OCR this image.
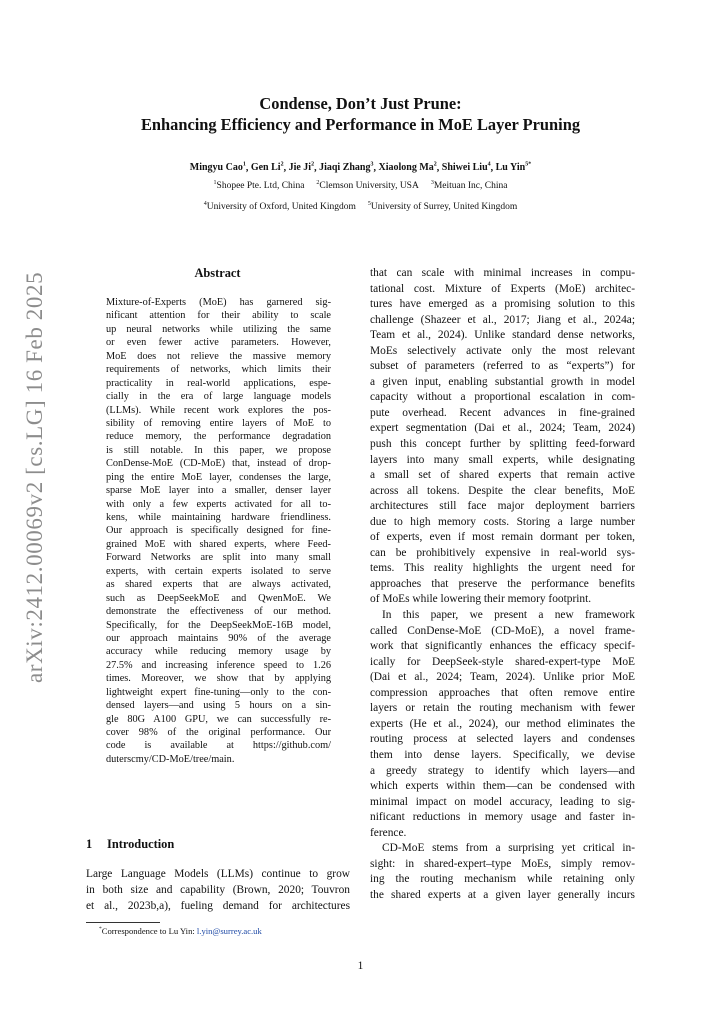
arXiv:2412.00069v2 [cs.LG] 16 Feb 2025
Condense, Don’t Just Prune:
Enhancing Efficiency and Performance in MoE Layer Pruning
Mingyu Cao$^1$, Gen Li$^2$, Jie Ji$^2$, Jiaqi Zhang$^3$, Xiaolong Ma$^2$, Shiwei Liu$^4$, Lu Yin$^{5*}$
$^1$Shopee Pte. Ltd, China $^2$Clemson University, USA $^3$Meituan Inc, China
$^4$University of Oxford, United Kingdom $^5$University of Surrey, United Kingdom
Abstract
Mixture-of-Experts (MoE) has garnered sig-
nificant attention for their ability to scale
up neural networks while utilizing the same
or even fewer active parameters. However,
MoE does not relieve the massive memory
requirements of networks, which limits their
practicality in real-world applications, espe-
cially in the era of large language models
(LLMs). While recent work explores the pos-
sibility of removing entire layers of MoE to
reduce memory, the performance degradation
is still notable. In this paper, we propose
ConDense-MoE (CD-MoE) that, instead of drop-
ping the entire MoE layer, condenses the large,
sparse MoE layer into a smaller, denser layer
with only a few experts activated for all to-
kens, while maintaining hardware friendliness.
Our approach is specifically designed for fine-
grained MoE with shared experts, where Feed-
Forward Networks are split into many small
experts, with certain experts isolated to serve
as shared experts that are always activated,
such as DeepSeekMoE and QwenMoE. We
demonstrate the effectiveness of our method.
Specifically, for the DeepSeekMoE-16B model,
our approach maintains 90% of the average
accuracy while reducing memory usage by
27.5% and increasing inference speed to 1.26
times. Moreover, we show that by applying
lightweight expert fine-tuning—only to the con-
densed layers—and using 5 hours on a sin-
gle 80G A100 GPU, we can successfully re-
cover 98% of the original performance. Our
code is available at https://github.com/
duterscmy/CD-MoE/tree/main.
1 Introduction
Large Language Models (LLMs) continue to grow
in both size and capability (Brown, 2020; Touvron
et al., 2023b,a), fueling demand for architectures
*Correspondence to Lu Yin: l.yin@surrey.ac.uk
that can scale with minimal increases in compu-
tational cost. Mixture of Experts (MoE) architec-
tures have emerged as a promising solution to this
challenge (Shazeer et al., 2017; Jiang et al., 2024a;
Team et al., 2024). Unlike standard dense networks,
MoEs selectively activate only the most relevant
subset of parameters (referred to as “experts”) for
a given input, enabling substantial growth in model
capacity without a proportional escalation in com-
pute overhead. Recent advances in fine-grained
expert segmentation (Dai et al., 2024; Team, 2024)
push this concept further by splitting feed-forward
layers into many small experts, while designating
a small set of shared experts that remain active
across all tokens. Despite the clear benefits, MoE
architectures still face major deployment barriers
due to high memory costs. Storing a large number
of experts, even if most remain dormant per token,
can be prohibitively expensive in real-world sys-
tems. This reality highlights the urgent need for
approaches that preserve the performance benefits
of MoEs while lowering their memory footprint.
In this paper, we present a new framework
called ConDense-MoE (CD-MoE), a novel frame-
work that significantly enhances the efficacy specif-
ically for DeepSeek-style shared-expert-type MoE
(Dai et al., 2024; Team, 2024). Unlike prior MoE
compression approaches that often remove entire
layers or retain the routing mechanism with fewer
experts (He et al., 2024), our method eliminates the
routing process at selected layers and condenses
them into dense layers. Specifically, we devise
a greedy strategy to identify which layers—and
which experts within them—can be condensed with
minimal impact on model accuracy, leading to sig-
nificant reductions in memory usage and faster in-
ference.
CD-MoE stems from a surprising yet critical in-
sight: in shared-expert–type MoEs, simply remov-
ing the routing mechanism while retaining only
the shared experts at a given layer generally incurs
1
